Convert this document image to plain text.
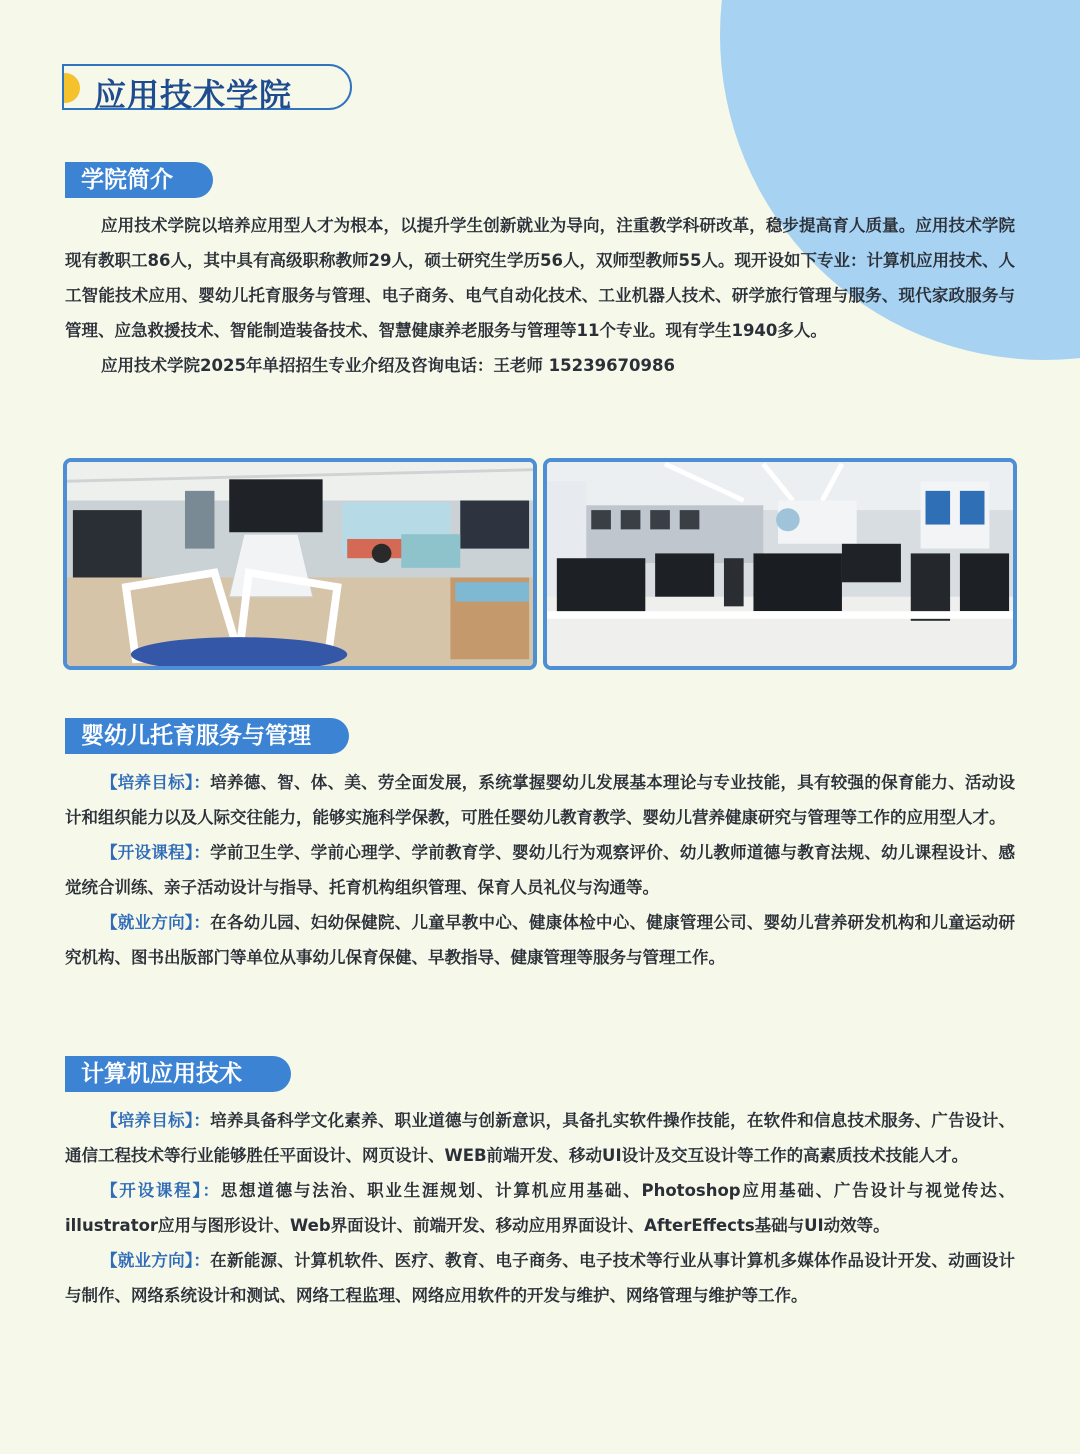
应用技术学院
学院简介

应用技术学院以培养应用型人才为根本，以提升学生创新就业为导向，注重教学科研改革，稳步提高育人质量。应用技术学院现有教职工86人，其中具有高级职称教师29人，硕士研究生学历56人，双师型教师55人。现开设如下专业：计算机应用技术、人工智能技术应用、婴幼儿托育服务与管理、电子商务、电气自动化技术、工业机器人技术、研学旅行管理与服务、现代家政服务与管理、应急救援技术、智能制造装备技术、智慧健康养老服务与管理等11个专业。现有学生1940多人。

应用技术学院2025年单招招生专业介绍及咨询电话：王老师 15239670986

婴幼儿托育服务与管理

【培养目标】：培养德、智、体、美、劳全面发展，系统掌握婴幼儿发展基本理论与专业技能，具有较强的保育能力、活动设计和组织能力以及人际交往能力，能够实施科学保教，可胜任婴幼儿教育教学、婴幼儿营养健康研究与管理等工作的应用型人才。

【开设课程】：学前卫生学、学前心理学、学前教育学、婴幼儿行为观察评价、幼儿教师道德与教育法规、幼儿课程设计、感觉统合训练、亲子活动设计与指导、托育机构组织管理、保育人员礼仪与沟通等。

【就业方向】：在各幼儿园、妇幼保健院、儿童早教中心、健康体检中心、健康管理公司、婴幼儿营养研发机构和儿童运动研究机构、图书出版部门等单位从事幼儿保育保健、早教指导、健康管理等服务与管理工作。

计算机应用技术

【培养目标】：培养具备科学文化素养、职业道德与创新意识，具备扎实软件操作技能，在软件和信息技术服务、广告设计、通信工程技术等行业能够胜任平面设计、网页设计、WEB前端开发、移动UI设计及交互设计等工作的高素质技术技能人才。

【开设课程】：思想道德与法治、职业生涯规划、计算机应用基础、Photoshop应用基础、广告设计与视觉传达、illustrator应用与图形设计、Web界面设计、前端开发、移动应用界面设计、AfterEffects基础与UI动效等。

【就业方向】：在新能源、计算机软件、医疗、教育、电子商务、电子技术等行业从事计算机多媒体作品设计开发、动画设计与制作、网络系统设计和测试、网络工程监理、网络应用软件的开发与维护、网络管理与维护等工作。
